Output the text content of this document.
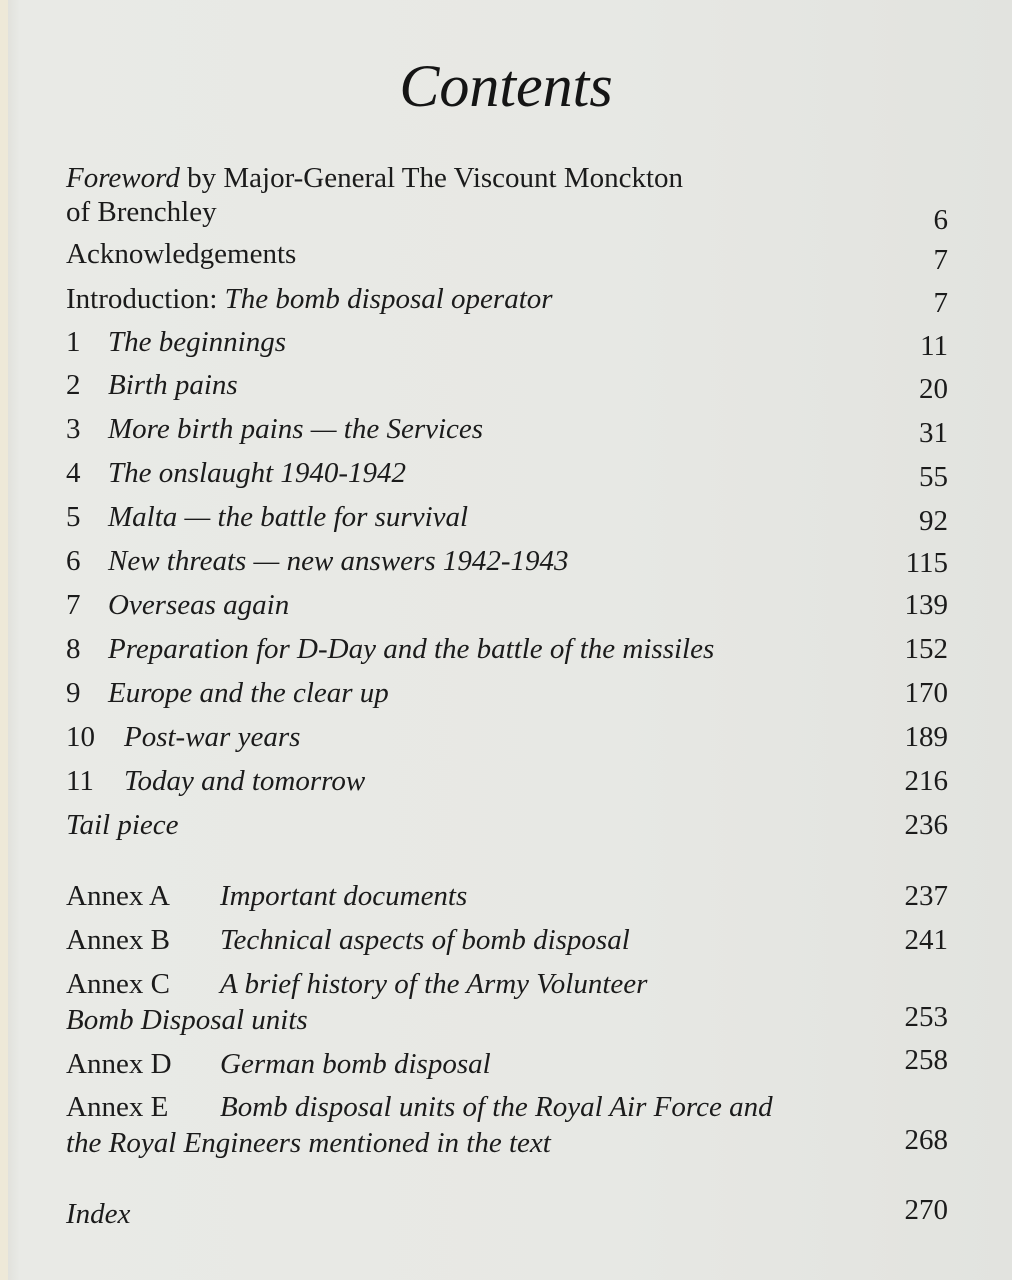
Contents
Foreword by Major-General The Viscount Monckton
of Brenchley	6
Acknowledgements	7
Introduction: The bomb disposal operator	7
1 The beginnings	11
2 Birth pains	20
3 More birth pains — the Services	31
4 The onslaught 1940-1942	55
5 Malta — the battle for survival	92
6 New threats — new answers 1942-1943	115
7 Overseas again	139
8 Preparation for D-Day and the battle of the missiles	152
9 Europe and the clear up	170
10 Post-war years	189
11 Today and tomorrow	216
Tail piece	236
Annex A Important documents	237
Annex B Technical aspects of bomb disposal	241
Annex C A brief history of the Army Volunteer
Bomb Disposal units	253
Annex D German bomb disposal	258
Annex E Bomb disposal units of the Royal Air Force and
the Royal Engineers mentioned in the text	268
Index	270
